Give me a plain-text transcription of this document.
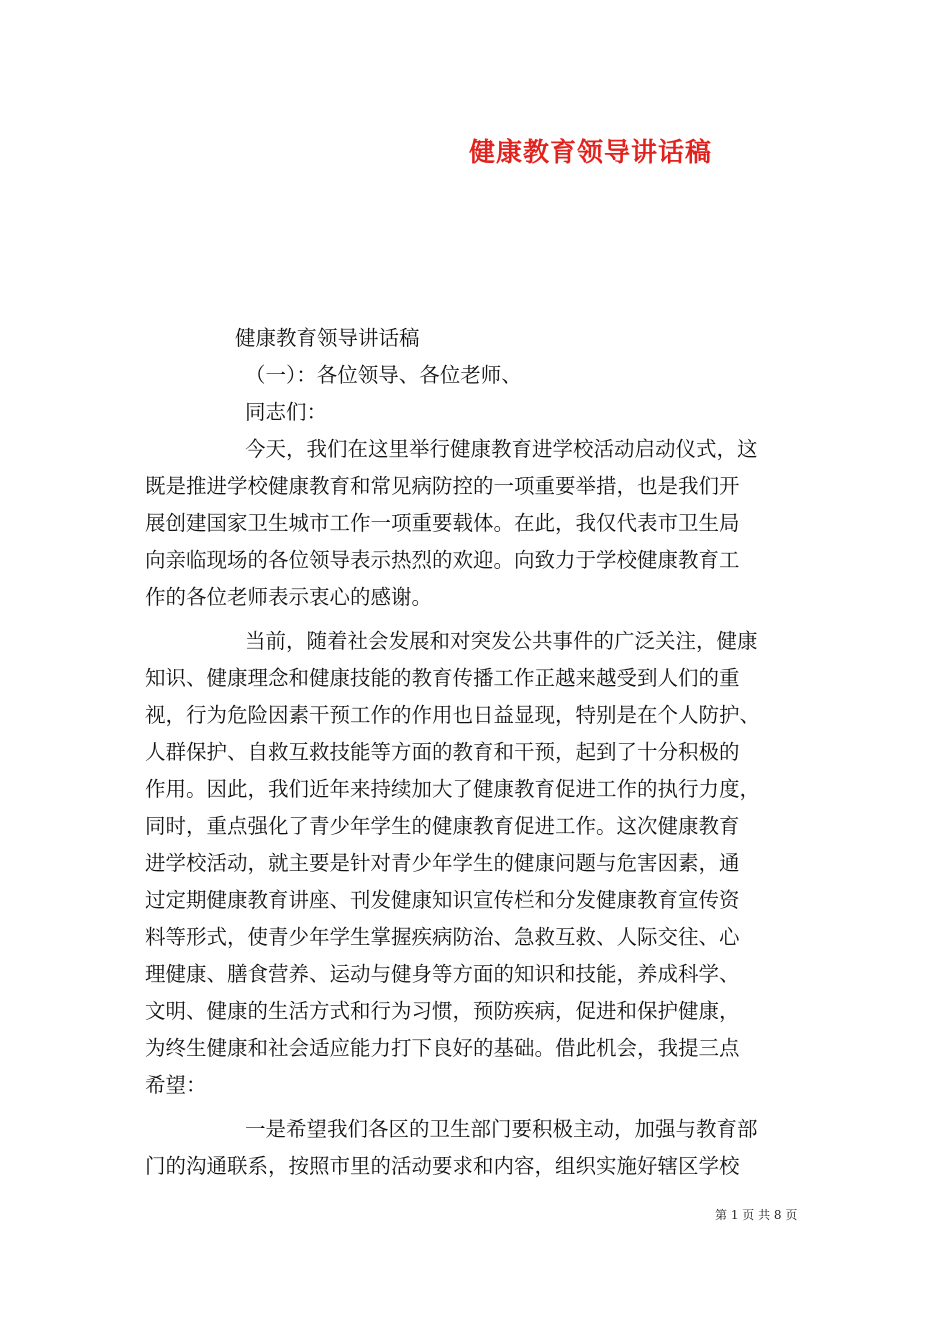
健康教育领导讲话稿
健康教育领导讲话稿
（一）：各位领导、各位老师、
同志们：
今天，我们在这里举行健康教育进学校活动启动仪式，这
既是推进学校健康教育和常见病防控的一项重要举措，也是我们开
展创建国家卫生城市工作一项重要载体。在此，我仅代表市卫生局
向亲临现场的各位领导表示热烈的欢迎。向致力于学校健康教育工
作的各位老师表示衷心的感谢。
当前，随着社会发展和对突发公共事件的广泛关注，健康
知识、健康理念和健康技能的教育传播工作正越来越受到人们的重
视，行为危险因素干预工作的作用也日益显现，特别是在个人防护、
人群保护、自救互救技能等方面的教育和干预，起到了十分积极的
作用。因此，我们近年来持续加大了健康教育促进工作的执行力度，
同时，重点强化了青少年学生的健康教育促进工作。这次健康教育
进学校活动，就主要是针对青少年学生的健康问题与危害因素，通
过定期健康教育讲座、刊发健康知识宣传栏和分发健康教育宣传资
料等形式，使青少年学生掌握疾病防治、急救互救、人际交往、心
理健康、膳食营养、运动与健身等方面的知识和技能，养成科学、
文明、健康的生活方式和行为习惯，预防疾病，促进和保护健康，
为终生健康和社会适应能力打下良好的基础。借此机会，我提三点
希望：
一是希望我们各区的卫生部门要积极主动，加强与教育部
门的沟通联系，按照市里的活动要求和内容，组织实施好辖区学校
第 1 页 共 8 页
